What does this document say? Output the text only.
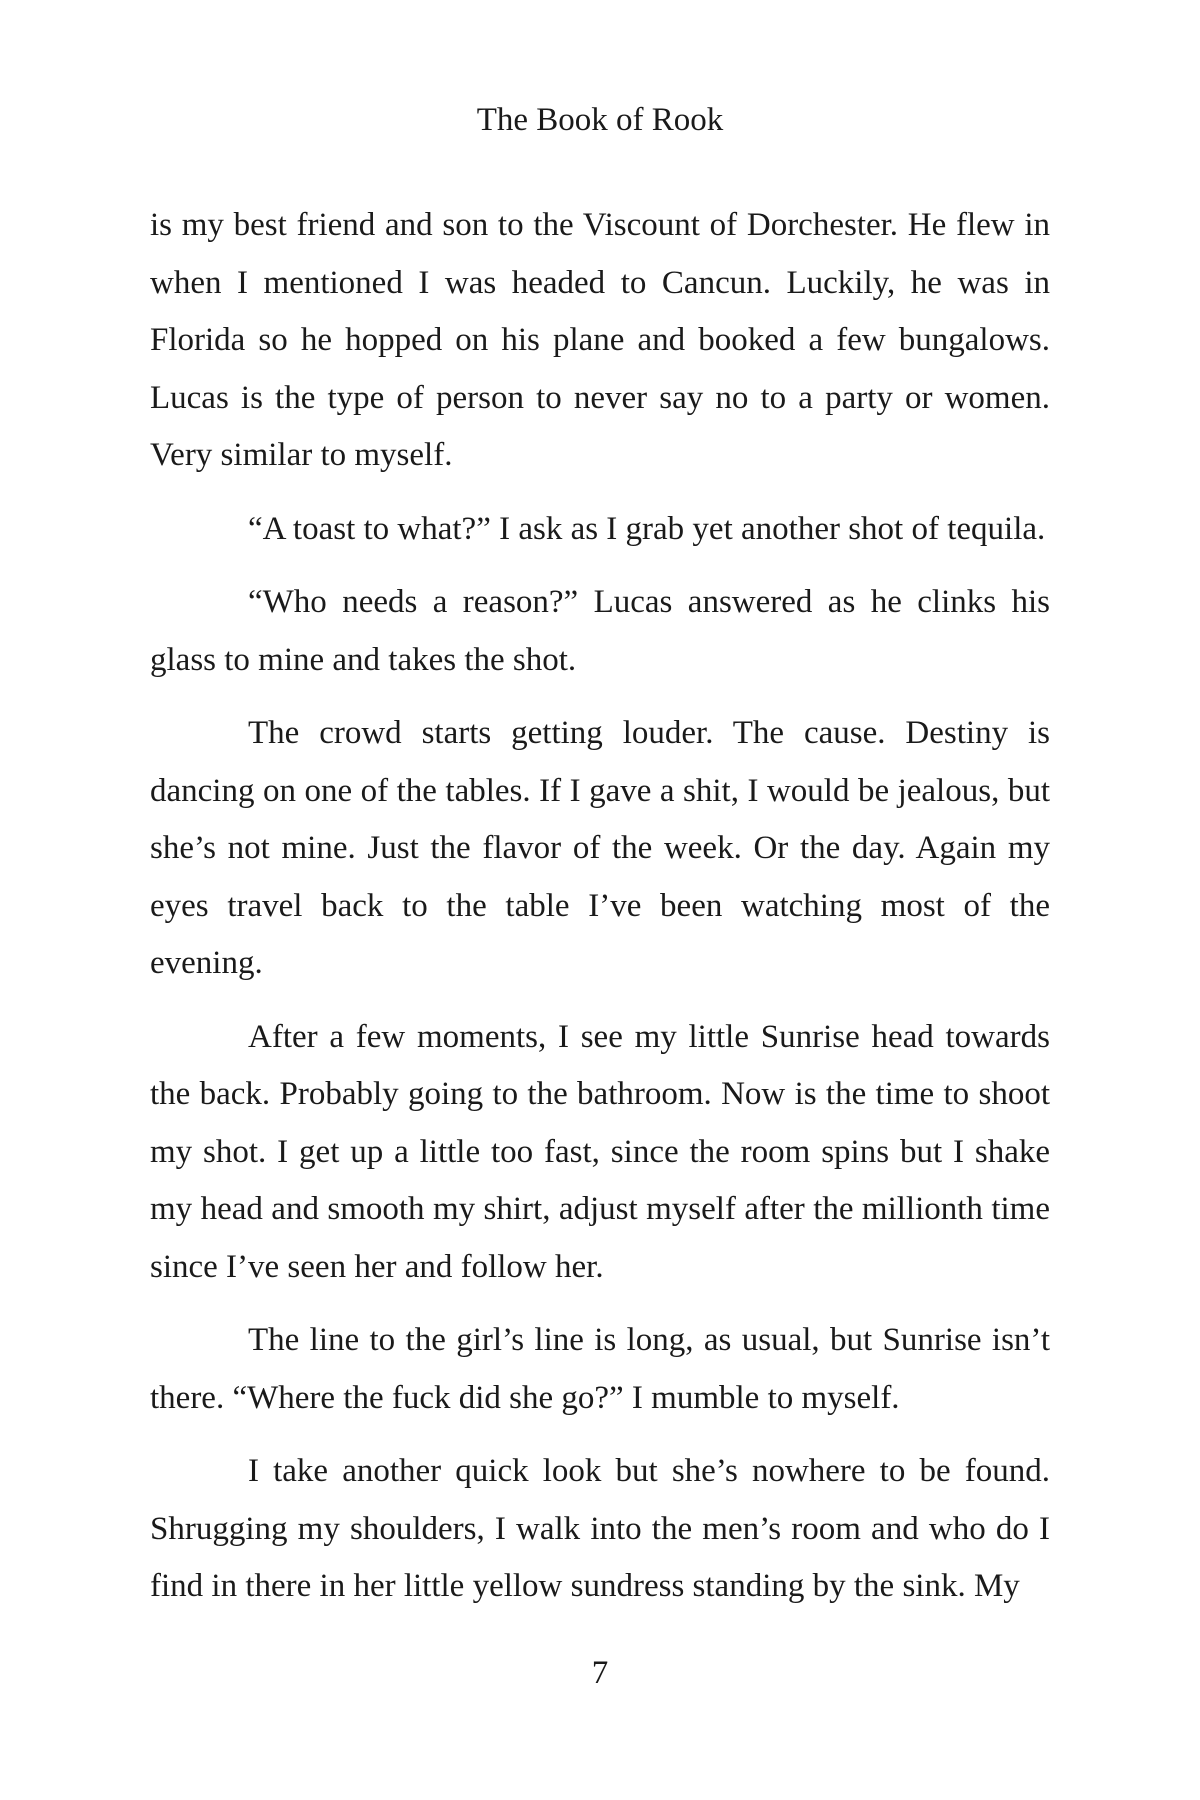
The Book of Rook

is my best friend and son to the Viscount of Dorchester. He flew in when I mentioned I was headed to Cancun. Luckily, he was in Florida so he hopped on his plane and booked a few bungalows. Lucas is the type of person to never say no to a party or women. Very similar to myself.

“A toast to what?” I ask as I grab yet another shot of tequila.

“Who needs a reason?” Lucas answered as he clinks his glass to mine and takes the shot.

The crowd starts getting louder. The cause. Destiny is dancing on one of the tables. If I gave a shit, I would be jealous, but she’s not mine. Just the flavor of the week. Or the day. Again my eyes travel back to the table I’ve been watching most of the evening.

After a few moments, I see my little Sunrise head towards the back. Probably going to the bathroom. Now is the time to shoot my shot. I get up a little too fast, since the room spins but I shake my head and smooth my shirt, adjust myself after the millionth time since I’ve seen her and follow her.

The line to the girl’s line is long, as usual, but Sunrise isn’t there. “Where the fuck did she go?” I mumble to myself.

I take another quick look but she’s nowhere to be found. Shrugging my shoulders, I walk into the men’s room and who do I find in there in her little yellow sundress standing by the sink. My

7
